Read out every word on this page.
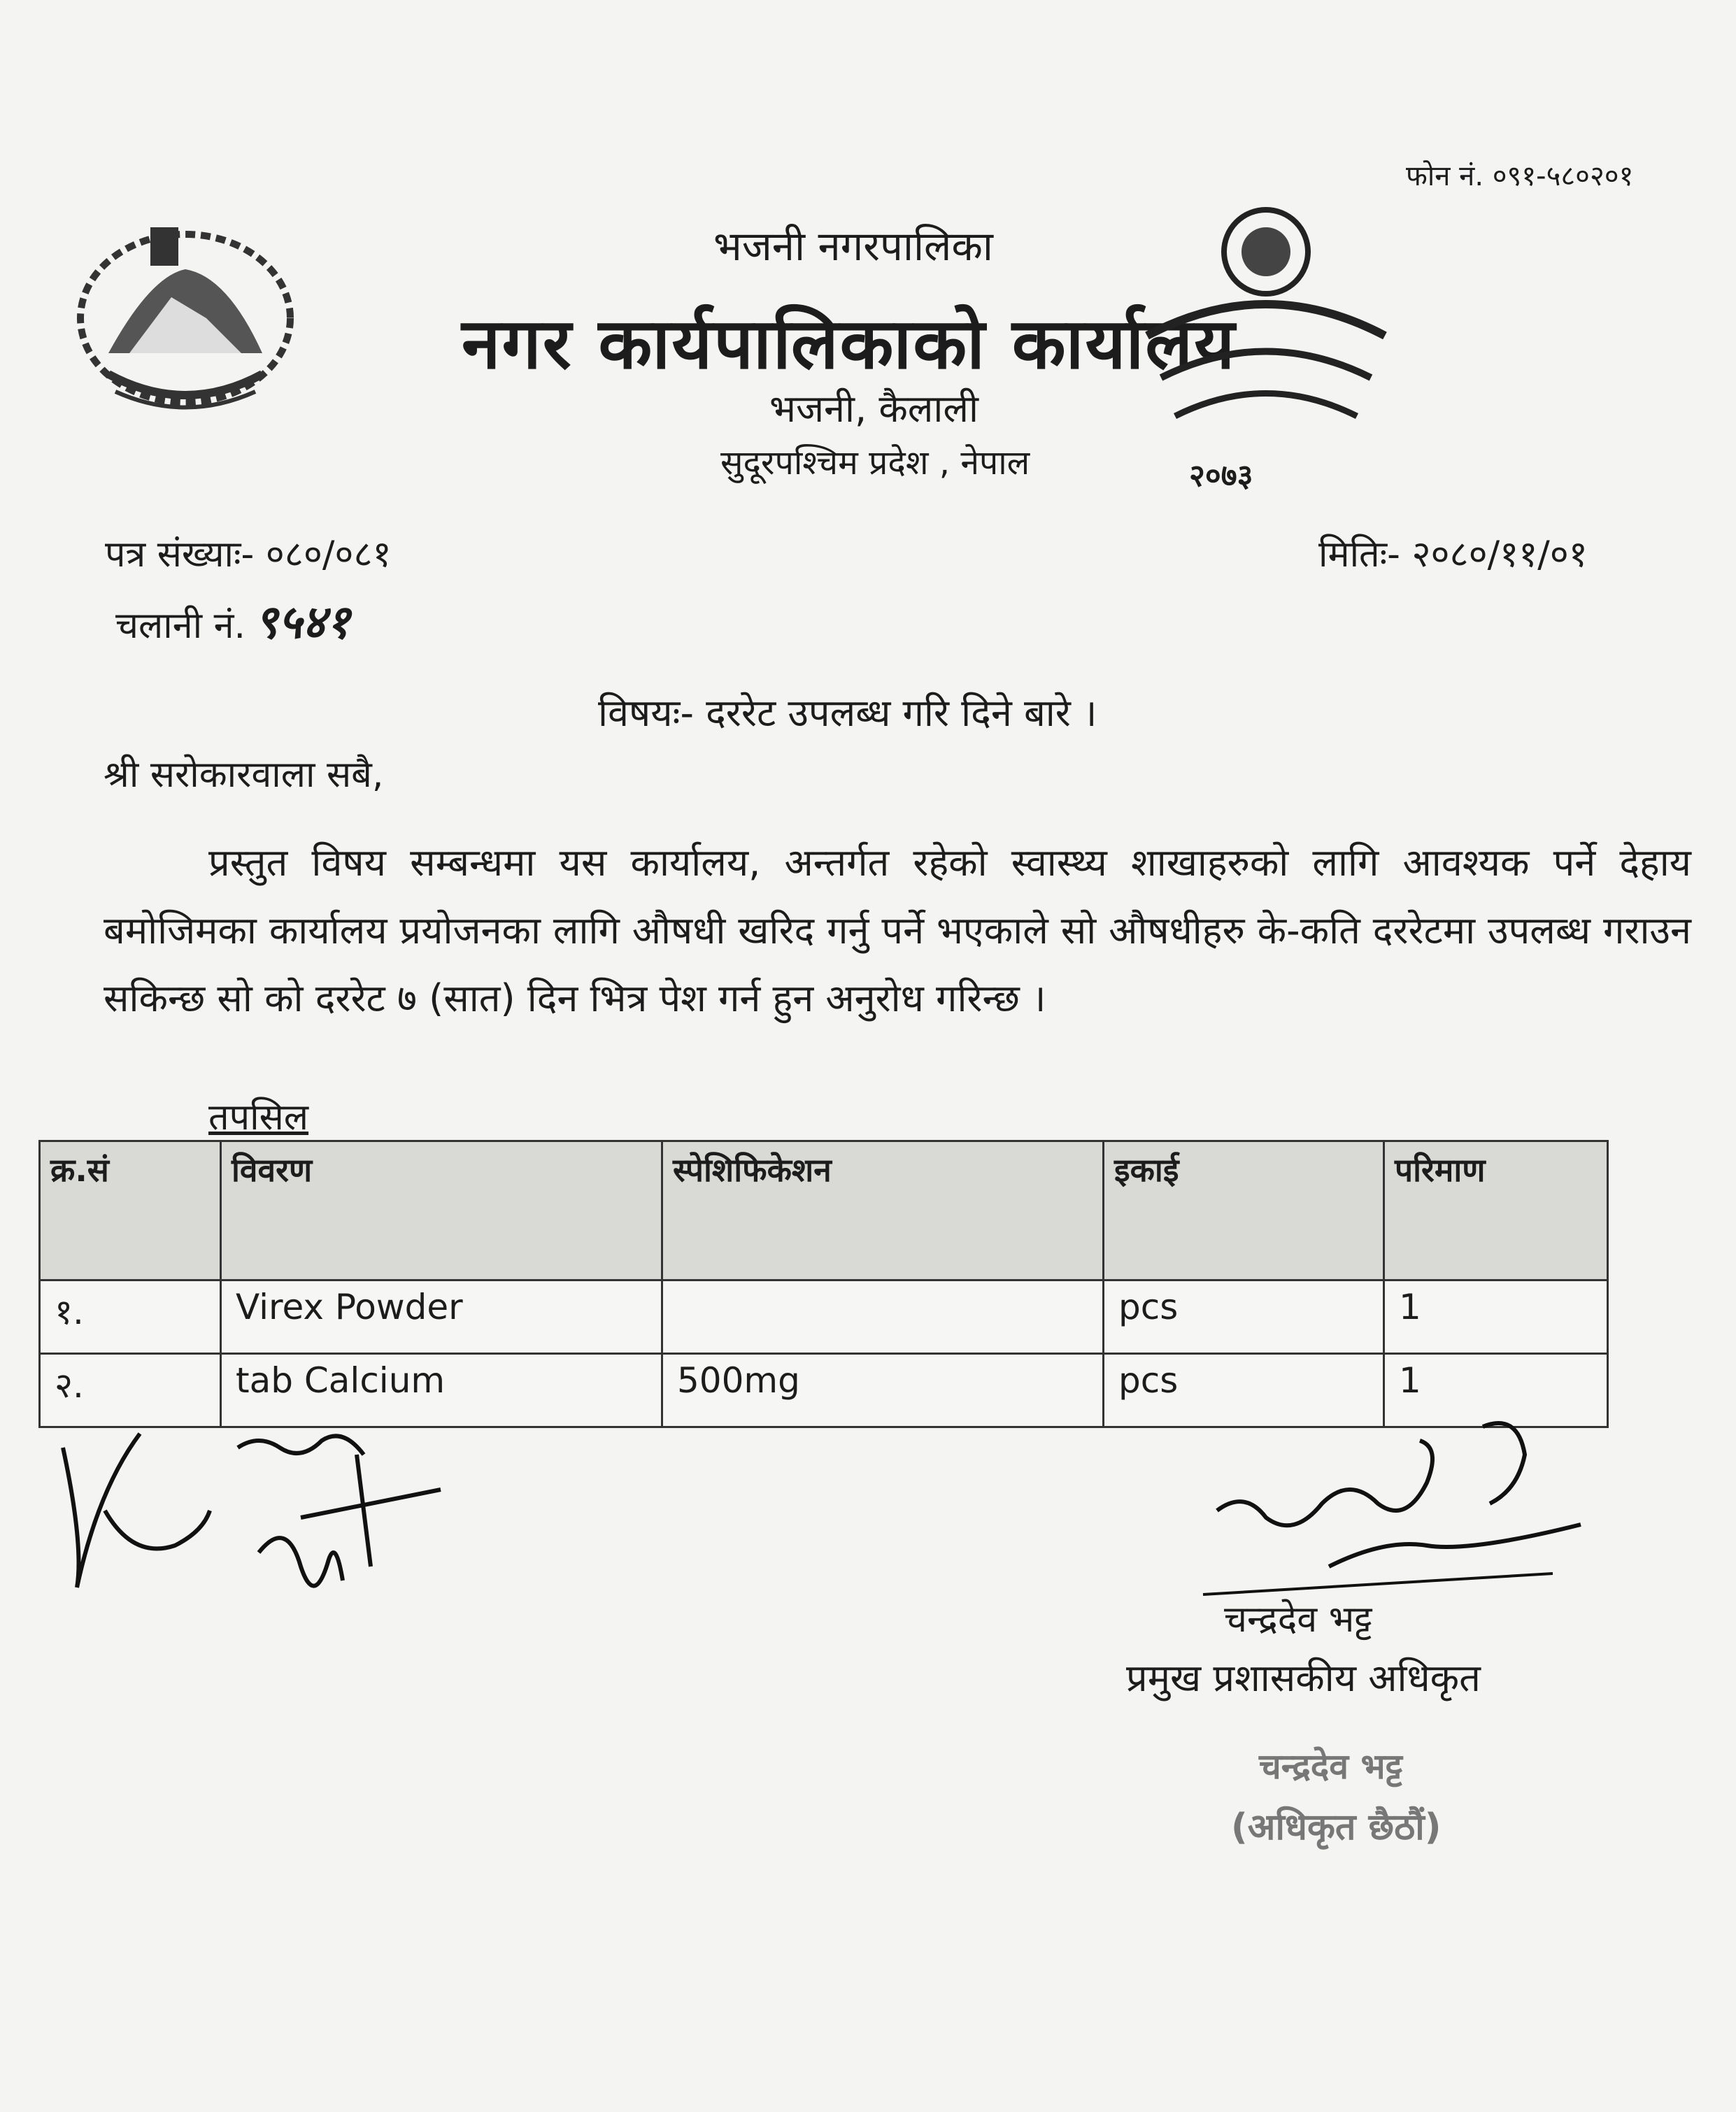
फोन नं. ०९१-५८०२०१
भजनी नगरपालिका
नगर कार्यपालिकाको कार्यालय
भजनी, कैलाली
सुदूरपश्चिम प्रदेश , नेपाल	२०७३
पत्र संख्याः- ०८०/०८१
चलानी नं. ९५४१
मितिः- २०८०/११/०१
विषयः- दररेट उपलब्ध गरि दिने बारे ।
श्री सरोकारवाला सबै,
प्रस्तुत विषय सम्बन्धमा यस कार्यालय, अन्तर्गत रहेको स्वास्थ्य शाखाहरुको लागि आवश्यक पर्ने देहाय बमोजिमका कार्यालय प्रयोजनका लागि औषधी खरिद गर्नु पर्ने भएकाले सो औषधीहरु के-कति दररेटमा उपलब्ध गराउन सकिन्छ सो को दररेट ७ (सात) दिन भित्र पेश गर्न हुन अनुरोध गरिन्छ ।
तपसिल
क्र.सं	विवरण	स्पेशिफिकेशन	इकाई	परिमाण
१.	Virex Powder		pcs	1
२.	tab Calcium	500mg	pcs	1
चन्द्रदेव भट्ट
प्रमुख प्रशासकीय अधिकृत
चन्द्रदेव भट्ट
(अधिकृत छैठौं)
